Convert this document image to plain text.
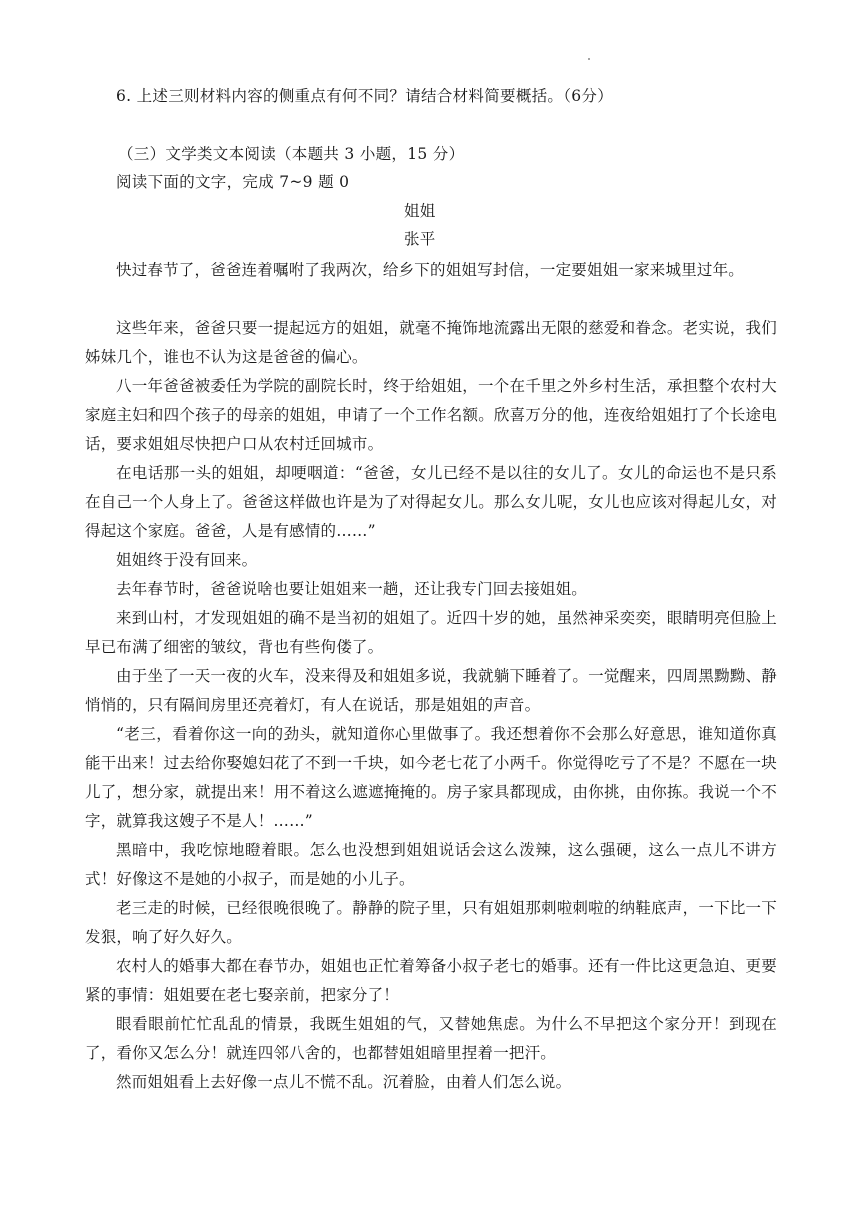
6. 上述三则材料内容的侧重点有何不同？请结合材料简要概括。（6分）
（三）文学类文本阅读（本题共 3 小题，15 分）
阅读下面的文字，完成 7~9 题 0
姐姐
张平
快过春节了，爸爸连着嘱咐了我两次，给乡下的姐姐写封信，一定要姐姐一家来城里过年。
这些年来，爸爸只要一提起远方的姐姐，就毫不掩饰地流露出无限的慈爱和眷念。老实说，我们姊妹几个，谁也不认为这是爸爸的偏心。
八一年爸爸被委任为学院的副院长时，终于给姐姐，一个在千里之外乡村生活，承担整个农村大家庭主妇和四个孩子的母亲的姐姐，申请了一个工作名额。欣喜万分的他，连夜给姐姐打了个长途电话，要求姐姐尽快把户口从农村迁回城市。
在电话那一头的姐姐，却哽咽道：“爸爸，女儿已经不是以往的女儿了。女儿的命运也不是只系在自己一个人身上了。爸爸这样做也许是为了对得起女儿。那么女儿呢，女儿也应该对得起儿女，对得起这个家庭。爸爸，人是有感情的……”
姐姐终于没有回来。
去年春节时，爸爸说啥也要让姐姐来一趟，还让我专门回去接姐姐。
来到山村，才发现姐姐的确不是当初的姐姐了。近四十岁的她，虽然神采奕奕，眼睛明亮但脸上早已布满了细密的皱纹，背也有些佝偻了。
由于坐了一天一夜的火车，没来得及和姐姐多说，我就躺下睡着了。一觉醒来，四周黑黝黝、静悄悄的，只有隔间房里还亮着灯，有人在说话，那是姐姐的声音。
“老三，看着你这一向的劲头，就知道你心里做事了。我还想着你不会那么好意思，谁知道你真能干出来！过去给你娶媳妇花了不到一千块，如今老七花了小两千。你觉得吃亏了不是？不愿在一块儿了，想分家，就提出来！用不着这么遮遮掩掩的。房子家具都现成，由你挑，由你拣。我说一个不字，就算我这嫂子不是人！……”
黑暗中，我吃惊地瞪着眼。怎么也没想到姐姐说话会这么泼辣，这么强硬，这么一点儿不讲方式！好像这不是她的小叔子，而是她的小儿子。
老三走的时候，已经很晚很晚了。静静的院子里，只有姐姐那刺啦刺啦的纳鞋底声，一下比一下发狠，响了好久好久。
农村人的婚事大都在春节办，姐姐也正忙着筹备小叔子老七的婚事。还有一件比这更急迫、更要紧的事情：姐姐要在老七娶亲前，把家分了！
眼看眼前忙忙乱乱的情景，我既生姐姐的气，又替她焦虑。为什么不早把这个家分开！到现在了，看你又怎么分！就连四邻八舍的，也都替姐姐暗里捏着一把汗。
然而姐姐看上去好像一点儿不慌不乱。沉着脸，由着人们怎么说。
